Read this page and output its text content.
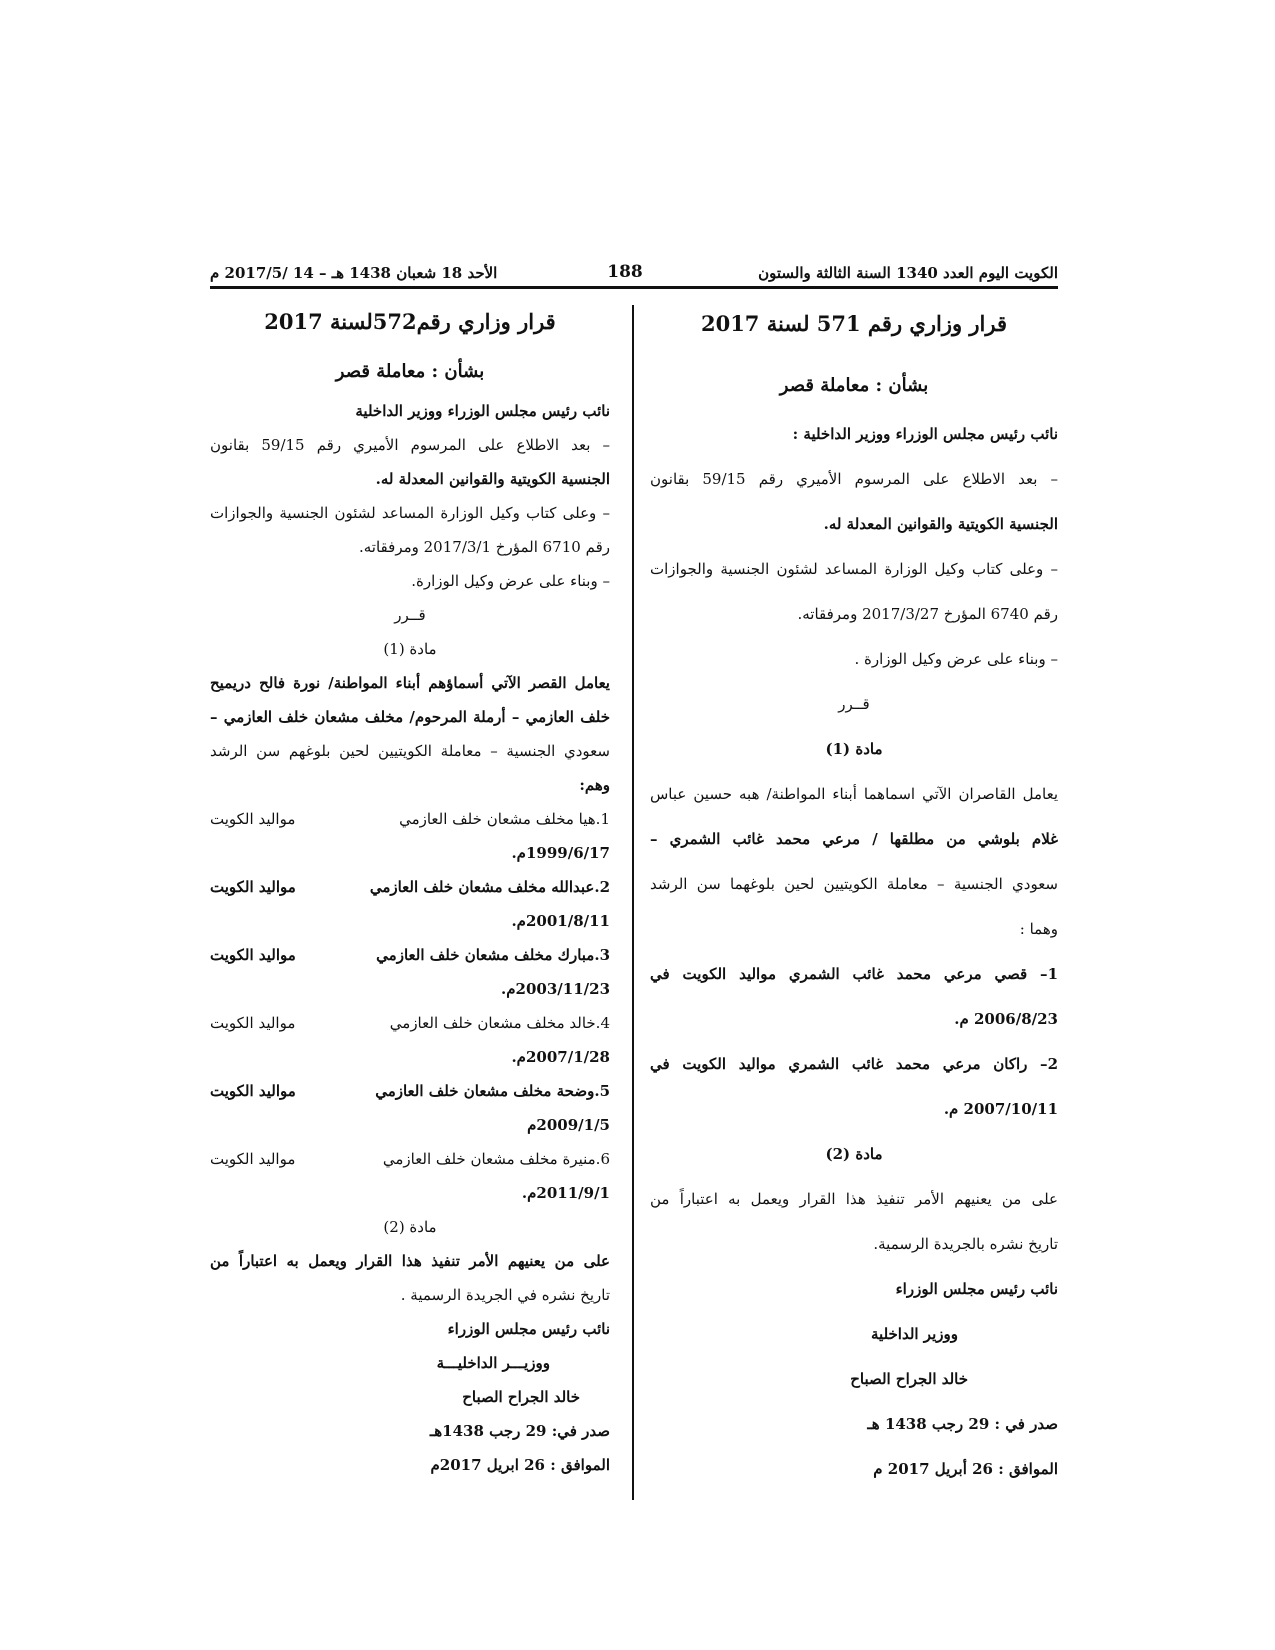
الكويت اليوم العدد 1340 السنة الثالثة والستون
188
الأحد 18 شعبان 1438 هـ – 14 /2017/5 م

قرار وزاري رقم 571 لسنة 2017

بشأن : معاملة قصر

نائب رئيس مجلس الوزراء ووزير الداخلية :

– بعد الاطلاع على المرسوم الأميري رقم 59/15 بقانون

الجنسية الكويتية والقوانين المعدلة له.

– وعلى كتاب وكيل الوزارة المساعد لشئون الجنسية والجوازات

رقم 6740 المؤرخ 2017/3/27 ومرفقاته.

– وبناء على عرض وكيل الوزارة .

قــرر

مادة (1)

يعامل القاصران الآتي اسماهما أبناء المواطنة/ هبه حسين عباس

غلام بلوشي من مطلقها / مرعي محمد غائب الشمري –

سعودي الجنسية – معاملة الكويتيين لحين بلوغهما سن الرشد

وهما :

1– قصي مرعي محمد غائب الشمري مواليد الكويت في

2006/8/23 م.

2– راكان مرعي محمد غائب الشمري مواليد الكويت في

2007/10/11 م.

مادة (2)

على من يعنيهم الأمر تنفيذ هذا القرار ويعمل به اعتباراً من

تاريخ نشره بالجريدة الرسمية.

نائب رئيس مجلس الوزراء

ووزير الداخلية

خالد الجراح الصباح

صدر في : 29 رجب 1438 هـ

الموافق : 26 أبريل 2017 م

قرار وزاري رقم572لسنة 2017

بشأن : معاملة قصر

نائب رئيس مجلس الوزراء ووزير الداخلية

– بعد الاطلاع على المرسوم الأميري رقم 59/15 بقانون

الجنسية الكويتية والقوانين المعدلة له.

– وعلى كتاب وكيل الوزارة المساعد لشئون الجنسية والجوازات

رقم 6710 المؤرخ 2017/3/1 ومرفقاته.

– وبناء على عرض وكيل الوزارة.

قــرر

مادة (1)

يعامل القصر الآتي أسماؤهم أبناء المواطنة/ نورة فالح دريميح

خلف العازمي – أرملة المرحوم/ مخلف مشعان خلف العازمي –

سعودي الجنسية – معاملة الكويتيين لحين بلوغهم سن الرشد

وهم:

1.هيا مخلف مشعان خلف العازمي
مواليد الكويت

1999/6/17م.

2.عبدالله مخلف مشعان خلف العازمي
مواليد الكويت

2001/8/11م.

3.مبارك مخلف مشعان خلف العازمي
مواليد الكويت

2003/11/23م.

4.خالد مخلف مشعان خلف العازمي
مواليد الكويت

2007/1/28م.

5.وضحة مخلف مشعان خلف العازمي
مواليد الكويت

2009/1/5م

6.منيرة مخلف مشعان خلف العازمي
مواليد الكويت

2011/9/1م.

مادة (2)

على من يعنيهم الأمر تنفيذ هذا القرار ويعمل به اعتباراً من

تاريخ نشره في الجريدة الرسمية .

نائب رئيس مجلس الوزراء

ووزيـــر الداخليـــة

خالد الجراح الصباح

صدر في: 29 رجب 1438هـ

الموافق : 26 ابريل 2017م
